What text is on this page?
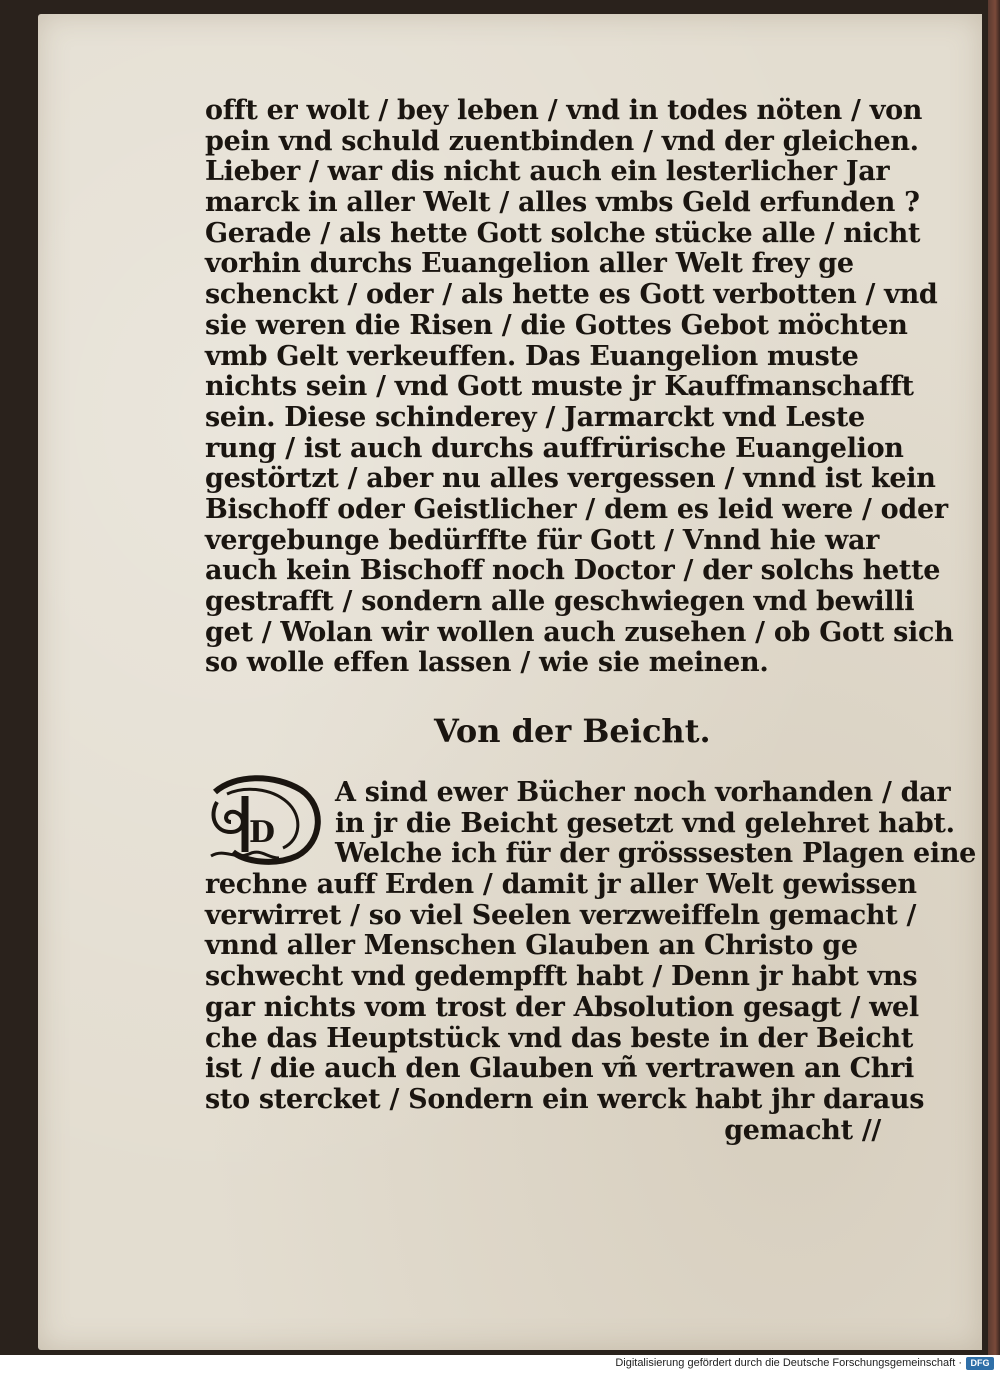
offt er wolt / bey leben / vnd in todes nöten / von
pein vnd schuld zuentbinden / vnd der gleichen.
Lieber / war dis nicht auch ein lesterlicher Jar
marck in aller Welt / alles vmbs Geld erfunden ?
Gerade / als hette Gott solche stücke alle / nicht
vorhin durchs Euangelion aller Welt frey ge
schenckt / oder / als hette es Gott verbotten / vnd
sie weren die Risen / die Gottes Gebot möchten
vmb Gelt verkeuffen. Das Euangelion muste
nichts sein / vnd Gott muste jr Kauffmanschafft
sein. Diese schinderey / Jarmarckt vnd Leste
rung / ist auch durchs auffrürische Euangelion
gestörtzt / aber nu alles vergessen / vnnd ist kein
Bischoff oder Geistlicher / dem es leid were / oder
vergebunge bedürffte für Gott / Vnnd hie war
auch kein Bischoff noch Doctor / der solchs hette
gestrafft / sondern alle geschwiegen vnd bewilli
get / Wolan wir wollen auch zusehen / ob Gott sich
so wolle effen lassen / wie sie meinen.
Von der Beicht.
D
A sind ewer Bücher noch vorhanden / dar
in jr die Beicht gesetzt vnd gelehret habt.
Welche ich für der grösssesten Plagen eine
rechne auff Erden / damit jr aller Welt gewissen
verwirret / so viel Seelen verzweiffeln gemacht /
vnnd aller Menschen Glauben an Christo ge
schwecht vnd gedempfft habt / Denn jr habt vns
gar nichts vom trost der Absolution gesagt / wel
che das Heuptstück vnd das beste in der Beicht
ist / die auch den Glauben vñ vertrawen an Chri
sto stercket / Sondern ein werck habt jhr daraus
gemacht //
Digitalisierung gefördert durch die Deutsche Forschungsgemeinschaft · DFG
